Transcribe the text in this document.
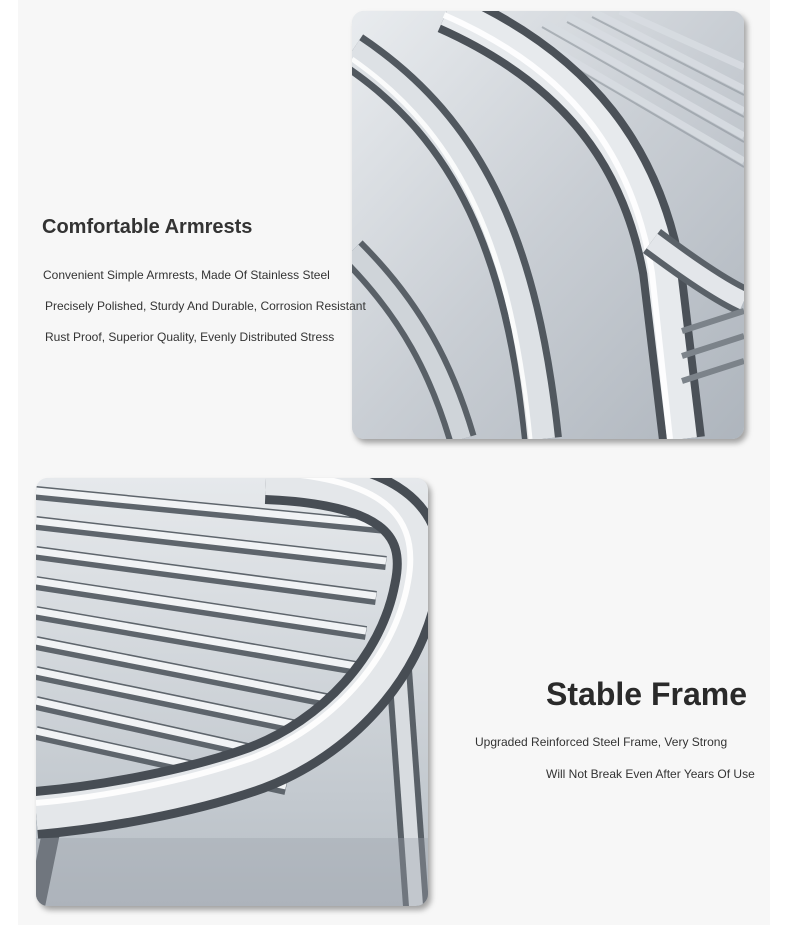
Comfortable Armrests

Convenient Simple Armrests, Made Of Stainless Steel

Precisely Polished, Sturdy And Durable, Corrosion Resistant

Rust Proof, Superior Quality, Evenly Distributed Stress

Stable Frame

Upgraded Reinforced Steel Frame, Very Strong

Will Not Break Even After Years Of Use
